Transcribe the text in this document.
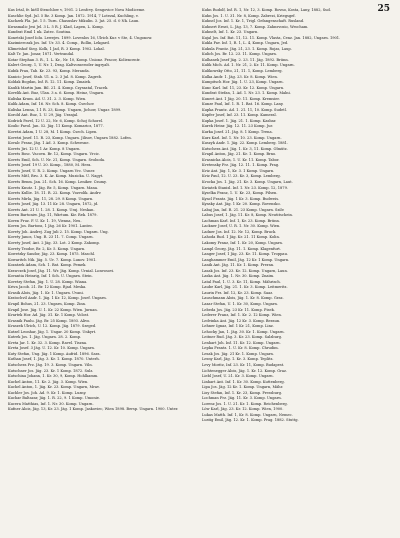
25
Kus Irtal, fr. kiéll Stenchlow v, 1901. 2 Lenfcvy. Sengovice Nova Modiceme.
Kuschlie Syd. Jul. 5 Bz. 3 Komp. Jan. 1872. 1914, 7 Lotezal, Kuchling, v.
Kachzek Fla. Jat. 1 5. Turn. Chasuslav Mikulin. 3. Jat. 25. d. 0 Nk. Laun.
Kwasmalic Jesi Jel. 3 L. 5 R. J. Klad, Lapen, L. Komp.
Kundrat Emil 1 nk. Zatec. Soutina.
Konetski Josef Iolu. Lewejes. 1899. Lovenlos 16, Ulrich Kur. v Ste, 4. Ungonow.
Kazimierczak Jos. Inf. Ur. 33. 4. Comp., Rollin, Lekgard.
Klimetshof Sieg. Kolk, 1 Jad, R. 3 Komp. 1902. Lokal.
Kalt Tr. Jan. Jonar, 1871. Vertrandal.
Kotar Stephan 3. R., 1. L. Kr., Nr. 10, Komp. Unionz. Pracov, Koliencentr.
Kalert Georg. 1, U. Nr. 1, Drag. Kaltvosseroder ingryalt.
Kubik Frau, Tab. Kr. 23. 93, Komp. Meranda.
Kanicic Josef, Stab. Ul. n. 2. 3 Jul. 8. Komp. Zagreb.
Koldak Bogdan, Inf. R. 12. 11. Komp. Zmaiek.
Kaulik Martin Jam. Bil. 21. 4. Komp. Czyszatal, Tracek.
Kovelik Ant. Buz, Ulan. 3 a. 6. Komp. Heinz, Ungarn.
Kuliska Krum. Ad. U. 31. 2. 3. Komp. Wien.
Kulik Adam, Inf. 16. Nr. Sch. 8. Komp. Csechov.
Kuliska Lenna, 1.1 R. 23, Komp. Ungarn, Jichow, Ungar. 1899.
Korold Ant. Buz, 1. U. 29, Jäg. Uranjal.
Kodrick Pavel, 12 U. 22, Nr. 6, Komp. Schoj Schorel.
Koulic Pavol. Jan. 52. Jäg. 11 Komp. Komaricz, 1877.
Kovetzi Adam, 1 U. 28, M. 1 Komp. Csech. Lipen.
Kovetzi Josef. 11. R. 23, Komp. Ungarn. Jilisov, Ungarn 1882. Lofen.
Kovalc Franz, Jäg. 1 Ad. 3. Komp. Schwesne.
Kovets Jiri. 12 U. 1 Ar. Komp. 8 Ungarn.
Kovets Bosc. Vacovn. Br. 12, Komp. Ungarn. Vrcic.
Kovets Emil, Sch. U. Nr. 21, Komp. Ungarn. Svoboda.
Kovets Josef. 19 U. 20. Komp., 1880, M. Hera.
Kovets Josef, U. R. 2. Komp. Ungarn Vrc. Usner.
Kovets Mitl, Bru. 3. K. Ar. Komp. Muzicka. U. Nagyt.
Kovets Benm. Jan. 21. Sch. 16. Komp. Leniker. Csumy.
Kovets Knutz. 1. Jäg. Br. 5, Komp. Ungarn. Mana.
Kovets Kullie. 18. 11. R. 22. Komp. Vozvolik. Andrv.
Kovets Mirla, Jäg. 11, 28. 29. 8 Komp. Ungarn.
Kovets Josef, Jäg. 13. 11 Kr. 28. Ungarn, 1872, jd.
Kovets Ant. 21 U. 1. 28. 1. Komp. Uraj. Neskan.
Koven Bartoniw. Jäg. 11, Wärtum. Kir. Rek. 1879.
Koven Fruz. F. U. Kr. 1. 19, Vienna, Neu.
Koven Jos. Bartons, 1 Jäg. 26 Kr. 1901. Lantec.
Kovety Joh. Andrej. Zug Juli 2. 15. Komp. Ungarn. Ung.
Kovety Janos, Ung. R. 23 11. 7. Comp. Ungarn.
Kovety Josef, Ant. 2 Jäg. 33. Lot. 2 Komp. Zakomp.
Kovety Teodor, Br. 2, Kr. 5. Komp. Ungarn.
Kowetzky Sandor, Jäg. 23. Komp. 1875. Maschl.
Kowaritch Nik. Jäg. 5. Ur. 7. Komp. Lunov. 1901.
Kozatzek Adam, Sch. 1. Bat. Komp. Pemek.
Krawczek Josef, Jäg. 11. Wr. Jäg. Komp. Urnial. Lonvosovi.
Kovantia Heinrig, Inf. 1 Sch. U. Ungarn. Stein.
Kovetzy Stefan, Jäg. 1. U. 28. Komp. Wiana.
Kriva Jacob. 21. Br. 12 Komp. Rjad. Meska.
Kvasik Alois, Jäg. 1. Kr. 1. Ungarn. Uvani.
Kratochvil Andr. 1. Jäg. 1 Kr. 12, Komp. Josef. Ungarn.
Kvapil Bohus, 21. 23. Ungarn, Komp. Zinn.
Kvapil Jose. Jäg. U. 1. Kr. 22 Komp. Wien. Jurnan.
Kvartek Hor. Ad. Jäg. 31. Kr. 1 Komp. Volost.
Kvasnik Paulu. Jäg. Br. 25 Komp. 1893. Alivo.
Kvaszek Ulrich, U. 12. Komp. Jäg. 1879. Szeged.
Kutzel Leonhar, Jäg. 1. Ungar. 20 Komp. Unkyrt.
Kutrek Jos. 1. Jäg. Ungarn. 28. 2. Komp.
Kveta Jar. 1. Kr. 32. 3. Komp. Ravel. Tiszna.
Kveta Josef. 3 Jäg. U. 12. Kr. 10. Komp. Ungarn.
Kuty Stefan, Ung. Jäg. 1 Komp. Aufrid. 1896. Sara.
Kuthan Josef, 1. Jäg. 3. Kr. 1. Komp. 1870. Unterh.
Kutschera Frz. Jäg. 19. 3. Komp. Ungarn. Viln.
Kutschner Jos. Jäg. 23. Kr. 1 Komp. 1872. Sulz.
Kutschina Johann, 1. Kr. 30, 9, Komp. Hohlkamm.
Kuchel Anton, 11. Kr. 2. Jäg. 3. Komp. Wien.
Kuchel Anton, 1. Jäg. Kr. 23. Komp. Ungarn, Mrav.
Kuchler Jos. Joh. Ad. 9. Kr. 1. Komp. Luzny.
Kuchar Baltazar, Jäg. 1. R. 22, 9. 1 Komp. Umonie.
Kucera Matthias, Inf. 1. Nr. 30. Komp. Ungarn.
Kufner Alois, Jäg. 13, Kr. 23. Jäg. 1 Komp. Jaskoviec, Wien 1898. Bersp. Ungarn. 1900. Unter.
Kuhn Rudolf, Inf. R. 1, Nr. 12, 3. Komp. Rovno, Kosta, Lany, 1882, Sud.
Kuhn Jos. 1. U. 31. Nr. 8, Komp. Zabrezi, Kriegsgef.
Kuhnel Jos. Inf. 1. Kr. 1, Trigl. Gefangenschaft. Rusland.
Kuhnert Ernst, L. Jäg. 13, 7. Komp. Zahnsvosio, Wrocham.
Kuhnelt, Inf. 1. Kr. 23. Ungarn.
Kujal Jos. Inf. Bat. 11, 12. 11. Komp. Vlasta, Cenz. Jan. 1882, Ungarn. 1901.
Kukla Pav. Inf. 1, R. 1, L. 4, Komp. Ungarn, Jed.
Kukula Frantz. Jäg. 21, 23. 1. Komp. Rojas, Laup.
Kulich Jos. Br. 12. 23. 11. Komp. Ungarn.
Kulhanek Josef Jäg. 2. 23. 11. Jäg. 1892. Brünn.
Kulik Mich. Ad. 1. Nr. 21, 2. Kr. 11. Komp. Ungarn.
Kulikowsky Otto, 21, 11. 1, Komp. Lemberg.
Kulka Andr. 1. Jäg. 23. Kr. 8. Komp. Wien.
Kumpitsch Hor. Jäg. 1. U. 23, Komp. Ungarn.
Kunc Karl. Inf. 11, 23. Kr. 12. Komp. Ungarn.
Kundrat Stefan, 1. Ad. 1. Nr. 23. 1. Komp. Malni.
Kunert Ant. 1 Jäg. 20. 11. Komp. Kremsier.
Kunze Paul, Inf. 1. R. 1. Bat. 16. Komp. Lany.
Kupka Frantz. Ad. 1. 21. 11, 10. Komp. Sudetl.
Kupfer Josef, Inf. 23. 11. Komp. Kameral.
Kupka Josef. 1. Jäg. 21. 1. Komp. Kasbar.
Kurek Heinr. Jäg. 12. 11. 23 Komp. Jur.
Kurka Josef. 21. Jäg. 8. 1 Komp. Trena.
Kurz Karl. Inf. 1. Nr. 10. 23. Komp. Ungarn.
Kuszyk Andr. 1. Jäg. 22. Komp. Lemberg. 1881.
Kutschera Ant. Jäg. 1. Kr. 3, 11. Komp. Olmütz.
Kvapil Anton, Jäg. 21. Kr. 1. Komp. Brno.
Kvasnicka Alois, 1. U. Kr. 11. Komp. Tabor.
Kvetensky Frz. Jäg. 12. 11. 1. Komp. Prag.
Kviz Ant. Jäg. 1, Kr. 3. 1 Komp. Ungarn.
Kviz Paul, 12. U. 23. Kr. 3, Komp. Lemberg.
Kvocka Jos. 1. Jäg. 21. Kr. 3. Komp. Ungarn, Laut.
Kwiatek Stanisl. Inf. 1. Nr. 23. Komp. 12, 1879.
Kyselka Franz, 1. U. Kr. 23, Komp. Pilsen.
Kyncl Frantz. Jäg. 1 Kr. 3. Komp. Budweis.
Kynsky Ant. Jäg. 1 Kr. 20. Komp. Rovensko.
Labaj Jan, Inf. R. 21. 23 Komp. Ungarn. Szilv.
Labus Josef, 1. Jäg. 11. Kr. 8, Komp. Neutitschein.
Lachman Karl. Inf. 1, Kr. 23. Komp. Brünn.
Lackner Josef, U. R. 1. Nr. 30. Komp. Wien.
Ladner Jos. Inf. 12. Nr. 12, Komp. Bruck.
Lahoda Rud. 1 Jäg. Kr. 21. 11 Komp. Kolin.
Lakomy Franz, Inf. 1. Kr. 20, Komp. Ungarn.
Lampl Georg. Jäg. 11. 1. Komp. Klagenfurt.
Langer Josef, 1 Jäg. 23. Kr. 11. Komp. Troppau.
Langhammer Emil, Jäg. 12 Kr. 1 Komp. Ungarn.
Lanik Ant. Jäg. 11. Kr. 1. Komp. Preran.
Lasak Jos. Inf. 23. Kr. 12. Komp. Ungarn, Laun.
Laska Ant. Jäg. 1. Nr. 30. Komp. Znaim.
Latal Paul, 1. U. 3. Kr. 11, Komp. Mährisch.
Laube Karl, Jäg. 21. 1. Kr. 3. Komp. Leitmeritz.
Laurin Frz. Inf. 12, Kr. 23. Komp. Saaz.
Lauschmann Alois, Jäg. 1. Kr. 8. Komp. Graz.
Lazar Stefan, U. 1. Kr. 30, Komp. Ungarn.
Lebeda Jos. Jäg. 23 Kr. 11. Komp. Pisek.
Lederer Franz, Inf. 1. Kr. 2. 12 Komp. Wien.
Ledvinka Ant. Jäg. 12 Kr. 3. Komp. Beraun.
Lehner Ignaz, Inf. 1 Kr. 21, Komp. Linz.
Lehocky Jan, 1. Jäg. 30. Kr. 1. Komp. Ungarn.
Leitner Rud. Jäg. 3. Kr. 23. Komp. Salzburg.
Lenhart Joh. Inf. 11. Kr. 12. Komp. Ungarn.
Lepka Frantz. 1. U. Kr. 8. Komp. Chrudim.
Lesak Jos. Jäg. 21 Kr. 1. Komp. Ungarn.
Lesny Karl, Jäg. 1. Kr. 3. Komp. Teplitz.
Levy Moritz, Inf. 23. Kr. 11, Komp. Budapest.
Lichtenegger Alois, Jäg. 1. Kr. 12. Komp. Graz.
Liebl Josef, U. 21. Kr. 3. Komp. Ungarn.
Linhart Ant. Inf. 1. Kr. 30. Komp. Kuttenberg.
Lipa Jos. Jäg. 12 Kr. 1. Komp. Ungarn, Mähr.
Lisy Stefan, Inf. 1. Kr. 23, Komp. Pressburg.
Lochman Frz. Jäg. 11. Kr. 3. Komp. Ungarn.
Lorenz Jos. 1. U. 21. Kr. 1. Komp. Reichenberg.
Löw Karl, Jäg. 23. Kr. 12. Komp. Wien, 1900.
Lukas Matth. Inf. 1, Kr. 8. Komp. Ungarn, Nemec.
Lustig Emil, Jäg. 12. Kr. 1. Komp. Prag. 1882. Stuttg.
